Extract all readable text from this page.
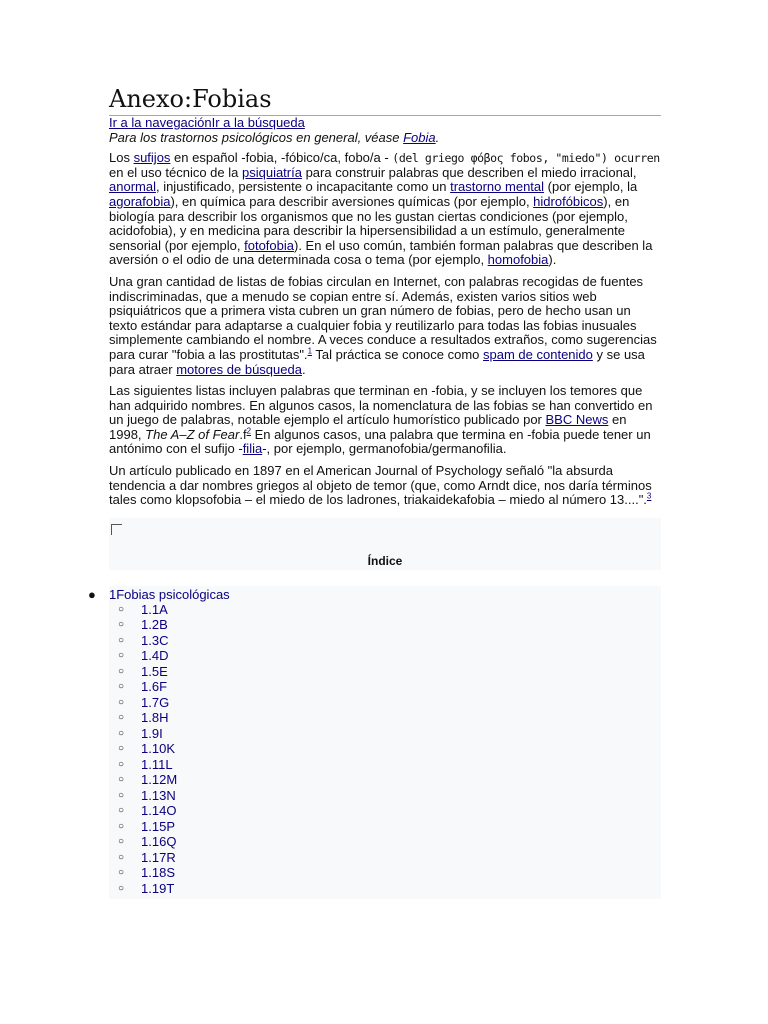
Anexo:Fobias
Ir a la navegaciónIr a la búsqueda
Para los trastornos psicológicos en general, véase Fobia.

Los sufijos en español -fobia, -fóbico/ca, fobo/a - (del griego φόβος fobos, "miedo") ocurren en el uso técnico de la psiquiatría para construir palabras que describen el miedo irracional, anormal, injustificado, persistente o incapacitante como un trastorno mental (por ejemplo, la agorafobia), en química para describir aversiones químicas (por ejemplo, hidrofóbicos), en biología para describir los organismos que no les gustan ciertas condiciones (por ejemplo, acidofobia), y en medicina para describir la hipersensibilidad a un estímulo, generalmente sensorial (por ejemplo, fotofobia). En el uso común, también forman palabras que describen la aversión o el odio de una determinada cosa o tema (por ejemplo, homofobia).

Una gran cantidad de listas de fobias circulan en Internet, con palabras recogidas de fuentes indiscriminadas, que a menudo se copian entre sí. Además, existen varios sitios web psiquiátricos que a primera vista cubren un gran número de fobias, pero de hecho usan un texto estándar para adaptarse a cualquier fobia y reutilizarlo para todas las fobias inusuales simplemente cambiando el nombre. A veces conduce a resultados extraños, como sugerencias para curar "fobia a las prostitutas".$^1$ Tal práctica se conoce como spam de contenido y se usa para atraer motores de búsqueda.

Las siguientes listas incluyen palabras que terminan en -fobia, y se incluyen los temores que han adquirido nombres. En algunos casos, la nomenclatura de las fobias se han convertido en un juego de palabras, notable ejemplo el artículo humorístico publicado por BBC News en 1998, The A–Z of Fear.f$^2$ En algunos casos, una palabra que termina en -fobia puede tener un antónimo con el sufijo -filia-, por ejemplo, germanofobia/germanofilia.

Un artículo publicado en 1897 en el American Journal of Psychology señaló "la absurda tendencia a dar nombres griegos al objeto de temor (que, como Arndt dice, nos daría términos tales como klopsofobia – el miedo de los ladrones, triakaidekafobia – miedo al número 13....".$^3$

Índice
● 1Fobias psicológicas
○ 1.1A
○ 1.2B
○ 1.3C
○ 1.4D
○ 1.5E
○ 1.6F
○ 1.7G
○ 1.8H
○ 1.9I
○ 1.10K
○ 1.11L
○ 1.12M
○ 1.13N
○ 1.14O
○ 1.15P
○ 1.16Q
○ 1.17R
○ 1.18S
○ 1.19T
